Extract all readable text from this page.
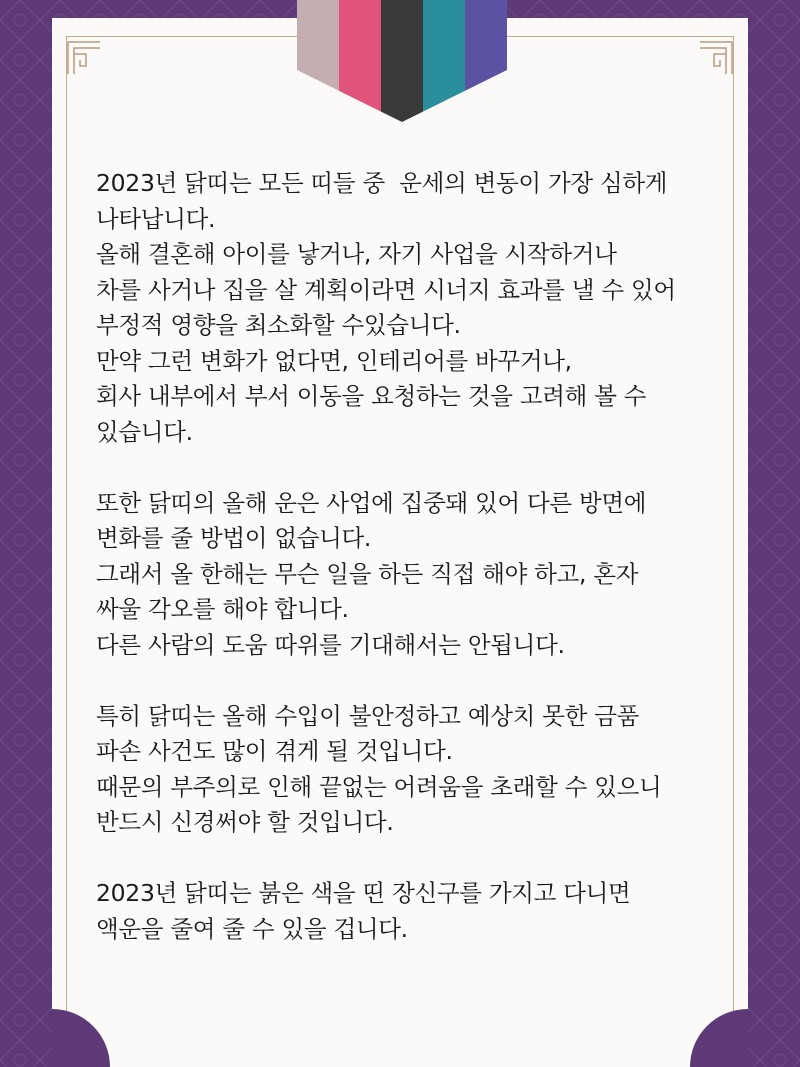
2023년 닭띠는 모든 띠들 중  운세의 변동이 가장 심하게
나타납니다.
올해 결혼해 아이를 낳거나, 자기 사업을 시작하거나
차를 사거나 집을 살 계획이라면 시너지 효과를 낼 수 있어
부정적 영향을 최소화할 수있습니다.
만약 그런 변화가 없다면, 인테리어를 바꾸거나,
회사 내부에서 부서 이동을 요청하는 것을 고려해 볼 수
있습니다.
또한 닭띠의 올해 운은 사업에 집중돼 있어 다른 방면에
변화를 줄 방법이 없습니다.
그래서 올 한해는 무슨 일을 하든 직접 해야 하고, 혼자
싸울 각오를 해야 합니다.
다른 사람의 도움 따위를 기대해서는 안됩니다.
특히 닭띠는 올해 수입이 불안정하고 예상치 못한 금품
파손 사건도 많이 겪게 될 것입니다.
때문의 부주의로 인해 끝없는 어려움을 초래할 수 있으니
반드시 신경써야 할 것입니다.
2023년 닭띠는 붉은 색을 띤 장신구를 가지고 다니면
액운을 줄여 줄 수 있을 겁니다.
